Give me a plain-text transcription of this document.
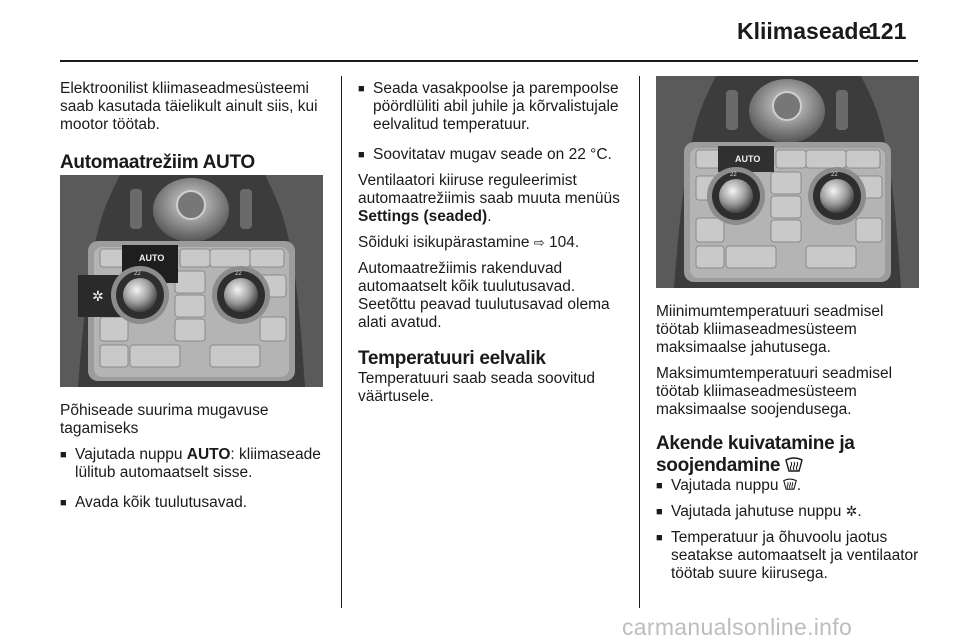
Kliimaseade
121

Elektroonilist kliimaseadmesüsteemi saab kasutada täielikult ainult siis, kui mootor töötab.

Automaatrežiim AUTO
AUTO
✲
22	22

Põhiseade suurima mugavuse tagamiseks

■ Vajutada nuppu AUTO: kliimaseade lülitub automaatselt sisse.
■ Avada kõik tuulutusavad.
■ Seada vasakpoolse ja parempoolse pöördlüliti abil juhile ja kõrvalistujale eelvalitud temperatuur.
■ Soovitatav mugav seade on 22 °C.

Ventilaatori kiiruse reguleerimist automaatrežiimis saab muuta menüüs Settings (seaded).

Sõiduki isikupärastamine ⇨ 104.

Automaatrežiimis rakenduvad automaatselt kõik tuulutusavad. Seetõttu peavad tuulutusavad olema alati avatud.

Temperatuuri eelvalik

Temperatuuri saab seada soovitud väärtusele.

AUTO
22	22

Miinimumtemperatuuri seadmisel töötab kliimaseadmesüsteem maksimaalse jahutusega.

Maksimumtemperatuuri seadmisel töötab kliimaseadmesüsteem maksimaalse soojendusega.

Akende kuivatamine ja
soojendamine
■ Vajutada nuppu .
■ Vajutada jahutuse nuppu ✲.
■ Temperatuur ja õhuvoolu jaotus seatakse automaatselt ja ventilaator töötab suure kiirusega.
carmanualsonline.info
